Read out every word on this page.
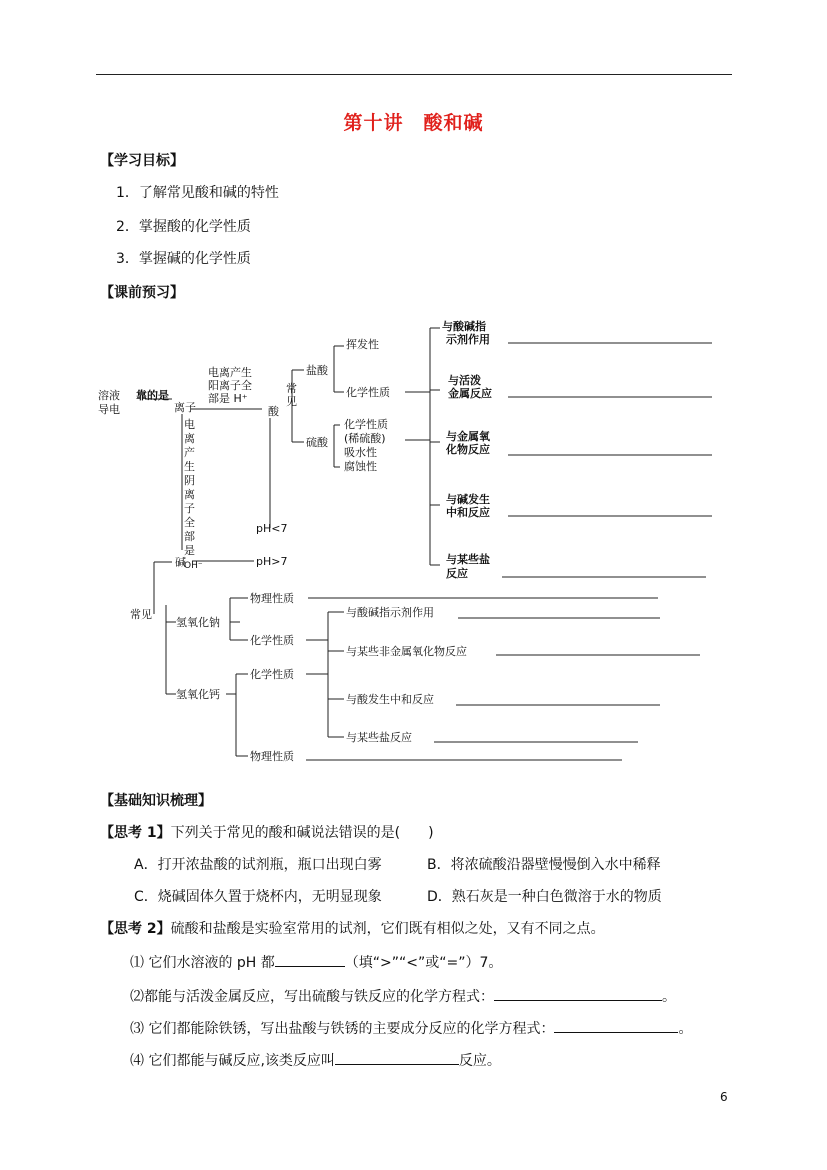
第十讲　酸和碱
【学习目标】
1．了解常见酸和碱的特性
2．掌握酸的化学性质
3．掌握碱的化学性质
【课前预习】
溶液
导电
靠的是
离子
电离产生
阳离子全
部是 H⁺
酸
常
见
盐酸
挥发性
化学性质
硫酸
化学性质
(稀硫酸)
吸水性
腐蚀性
与酸碱指
示剂作用
与活泼
金属反应
与金属氧
化物反应
与碱发生
中和反应
与某些盐
反应
pH<7
pH>7
碱
常见
氢氧化钠
氢氧化钙
物理性质
化学性质
化学性质
物理性质
与酸碱指示剂作用
与某些非金属氧化物反应
与酸发生中和反应
与某些盐反应
电
离
产
生
阴
离
子
全
部
是
OH⁻
【基础知识梳理】
【思考 1】下列关于常见的酸和碱说法错误的是(　　)
A．打开浓盐酸的试剂瓶，瓶口出现白雾	B．将浓硫酸沿器壁慢慢倒入水中稀释
C．烧碱固体久置于烧杯内，无明显现象	D．熟石灰是一种白色微溶于水的物质
【思考 2】硫酸和盐酸是实验室常用的试剂，它们既有相似之处，又有不同之点。
⑴ 它们水溶液的 pH 都	（填“>”“<”或“=”）7。
⑵都能与活泼金属反应，写出硫酸与铁反应的化学方程式：	。
⑶ 它们都能除铁锈，写出盐酸与铁锈的主要成分反应的化学方程式：	。
⑷ 它们都能与碱反应,该类反应叫	反应。
6
